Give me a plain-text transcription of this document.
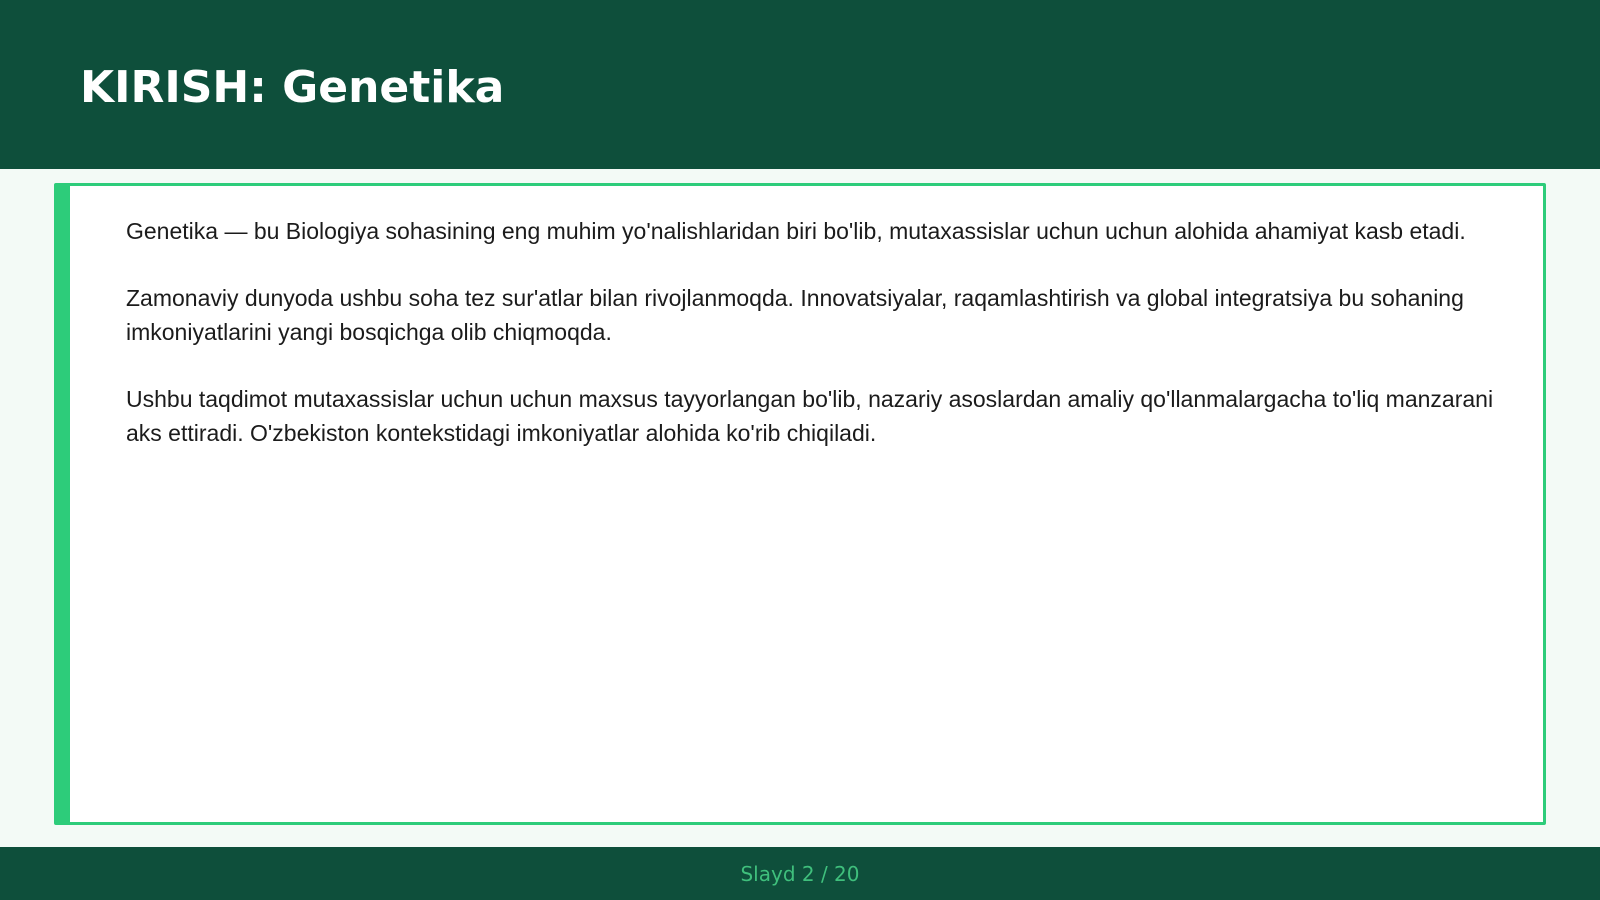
KIRISH: Genetika

Genetika — bu Biologiya sohasining eng muhim yo'nalishlaridan biri bo'lib, mutaxassislar uchun uchun alohida ahamiyat kasb etadi.

Zamonaviy dunyoda ushbu soha tez sur'atlar bilan rivojlanmoqda. Innovatsiyalar, raqamlashtirish va global integratsiya bu sohaning imkoniyatlarini yangi bosqichga olib chiqmoqda.

Ushbu taqdimot mutaxassislar uchun uchun maxsus tayyorlangan bo'lib, nazariy asoslardan amaliy qo'llanmalargacha to'liq manzarani aks ettiradi. O'zbekiston kontekstidagi imkoniyatlar alohida ko'rib chiqiladi.

Slayd 2 / 20
